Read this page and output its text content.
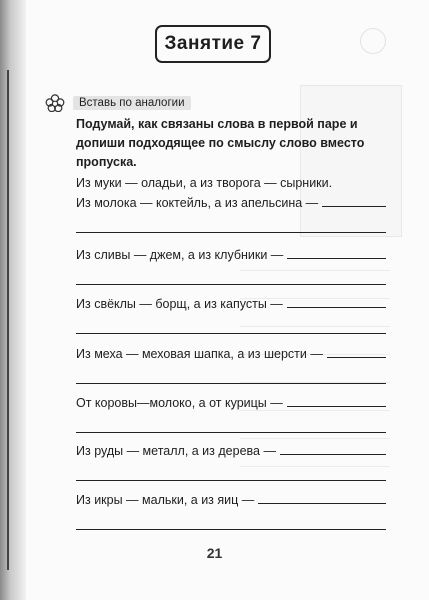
Занятие 7
Вставь по аналогии
Подумай, как связаны слова в первой паре и допиши подходящее по смыслу слово вместо пропуска.
Из муки — оладьи, а из творога — сырники.
Из молока — коктейль, а из апельсина —
Из сливы — джем, а из клубники —
Из свёклы — борщ, а из капусты —
Из меха — меховая шапка, а из шерсти —
От коровы—молоко, а от курицы —
Из руды — металл, а из дерева —
Из икры — мальки, а из яиц —
21
